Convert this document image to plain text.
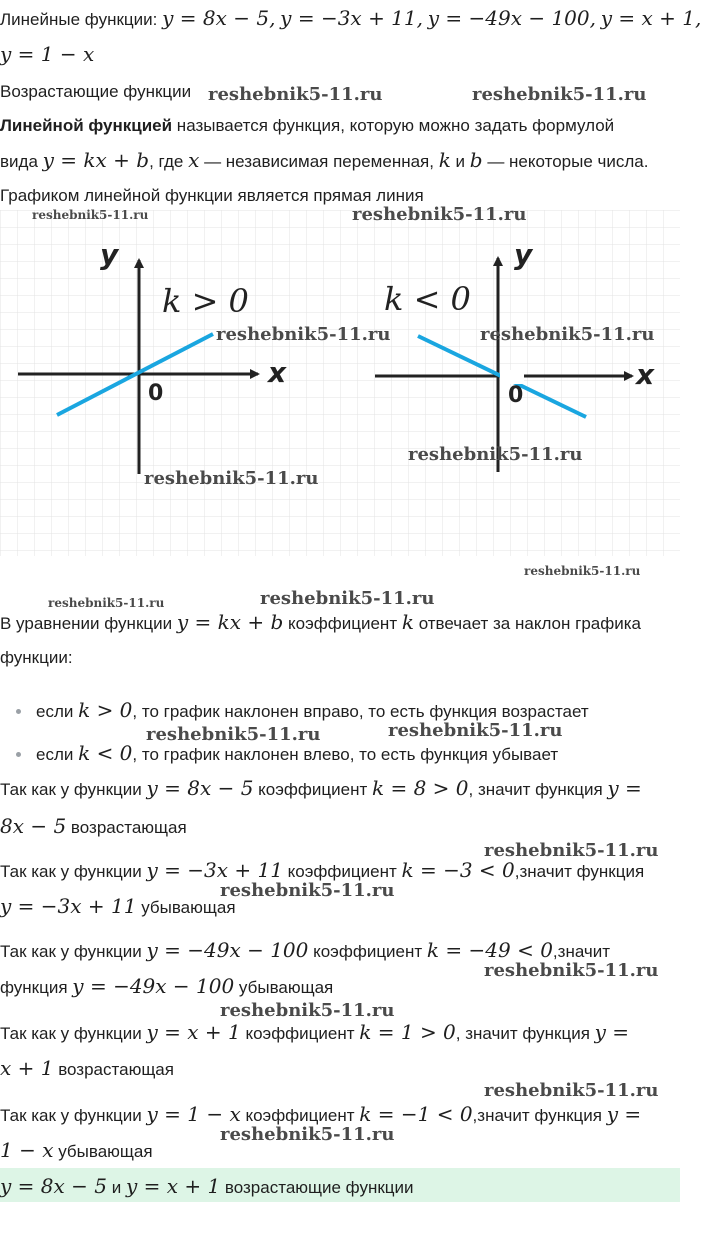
Линейные функции: y = 8x − 5, y = −3x + 11, y = −49x − 100, y = x + 1,
y = 1 − x
Возрастающие функции
Линейной функцией называется функция, которую можно задать формулой
вида y = kx + b, где x — независимая переменная, k и b — некоторые числа.
Графиком линейной функции является прямая линия
y
x
0
k > 0
y
x
0
k < 0
В уравнении функции y = kx + b коэффициент k отвечает за наклон графика
функции:
если k > 0, то график наклонен вправо, то есть функция возрастает
если k < 0, то график наклонен влево, то есть функция убывает
Так как у функции y = 8x − 5 коэффициент k = 8 > 0, значит функция y =
8x − 5 возрастающая
Так как у функции y = −3x + 11 коэффициент k = −3 < 0,значит функция
y = −3x + 11 убывающая
Так как у функции y = −49x − 100 коэффициент k = −49 < 0,значит
функция y = −49x − 100 убывающая
Так как у функции y = x + 1 коэффициент k = 1 > 0, значит функция y =
x + 1 возрастающая
Так как у функции y = 1 − x коэффициент k = −1 < 0,значит функция y =
1 − x убывающая
y = 8x − 5 и y = x + 1 возрастающие функции
reshebnik5-11.ru	reshebnik5-11.ru
reshebnik5-11.ru	reshebnik5-11.ru
reshebnik5-11.ru	reshebnik5-11.ru
reshebnik5-11.ru
reshebnik5-11.ru
reshebnik5-11.ru
reshebnik5-11.ru	reshebnik5-11.ru
reshebnik5-11.ru	reshebnik5-11.ru
reshebnik5-11.ru
reshebnik5-11.ru
reshebnik5-11.ru
reshebnik5-11.ru
reshebnik5-11.ru
reshebnik5-11.ru
